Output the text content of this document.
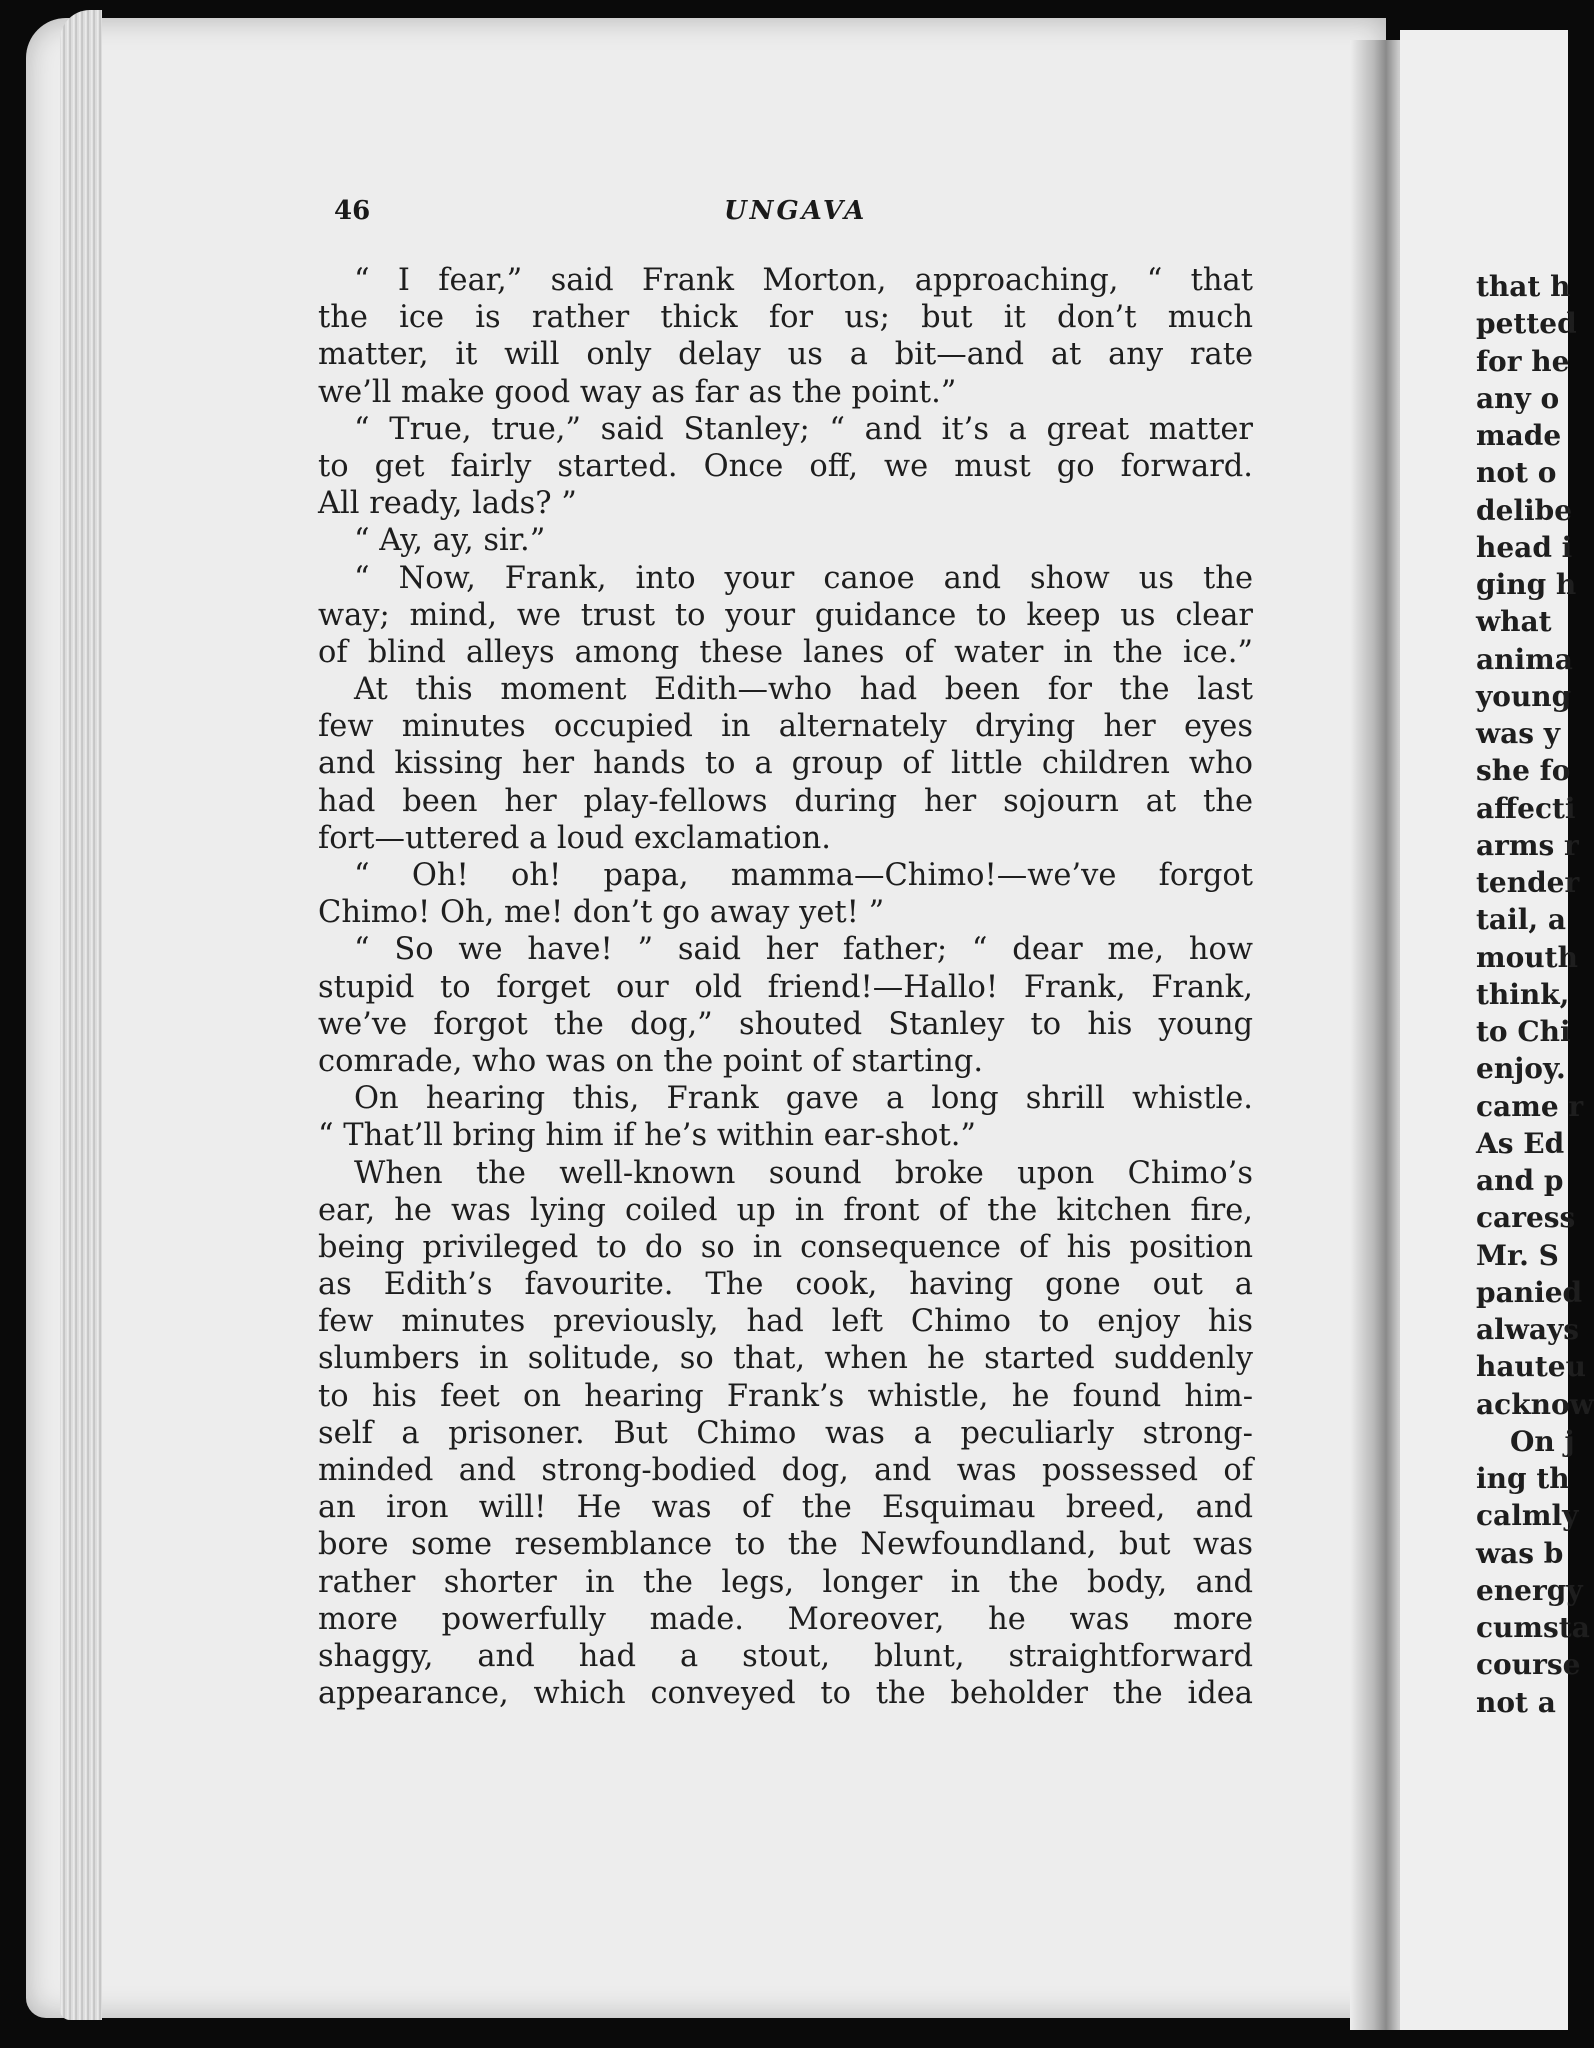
46	UNGAVA
“ I fear,” said Frank Morton, approaching, “ that
the ice is rather thick for us; but it don’t much
matter, it will only delay us a bit—and at any rate
we’ll make good way as far as the point.”
“ True, true,” said Stanley; “ and it’s a great matter
to get fairly started. Once off, we must go forward.
All ready, lads? ”
“ Ay, ay, sir.”
“ Now, Frank, into your canoe and show us the
way; mind, we trust to your guidance to keep us clear
of blind alleys among these lanes of water in the ice.”
At this moment Edith—who had been for the last
few minutes occupied in alternately drying her eyes
and kissing her hands to a group of little children who
had been her play-fellows during her sojourn at the
fort—uttered a loud exclamation.
“ Oh! oh! papa, mamma—Chimo!—we’ve forgot
Chimo! Oh, me! don’t go away yet! ”
“ So we have! ” said her father; “ dear me, how
stupid to forget our old friend!—Hallo! Frank, Frank,
we’ve forgot the dog,” shouted Stanley to his young
comrade, who was on the point of starting.
On hearing this, Frank gave a long shrill whistle.
“ That’ll bring him if he’s within ear-shot.”
When the well-known sound broke upon Chimo’s
ear, he was lying coiled up in front of the kitchen fire,
being privileged to do so in consequence of his position
as Edith’s favourite. The cook, having gone out a
few minutes previously, had left Chimo to enjoy his
slumbers in solitude, so that, when he started suddenly
to his feet on hearing Frank’s whistle, he found him-
self a prisoner. But Chimo was a peculiarly strong-
minded and strong-bodied dog, and was possessed of
an iron will! He was of the Esquimau breed, and
bore some resemblance to the Newfoundland, but was
rather shorter in the legs, longer in the body, and
more powerfully made. Moreover, he was more
shaggy, and had a stout, blunt, straightforward
appearance, which conveyed to the beholder the idea
that h
petted
for he
any o
made
not o
delibe
head i
ging h
what
anima
young
was y
she fo
affecti
arms r
tender
tail, a
mouth
think,
to Chi
enjoy.
came r
As Ed
and p
caress
Mr. S
panied
always
hauteu
acknow
On j
ing th
calmly
was b
energy
cumsta
course
not a
